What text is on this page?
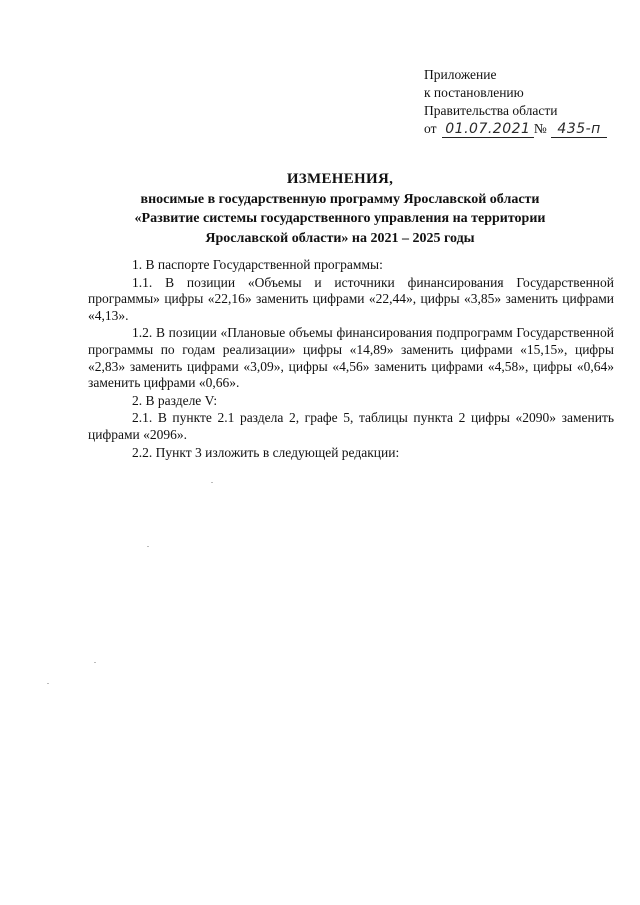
Приложение
к постановлению
Правительства области
от 01.07.2021 № 435-п
ИЗМЕНЕНИЯ,
вносимые в государственную программу Ярославской области
«Развитие системы государственного управления на территории
Ярославской области» на 2021 – 2025 годы

1. В паспорте Государственной программы:

1.1. В позиции «Объемы и источники финансирования Государственной программы» цифры «22,16» заменить цифрами «22,44», цифры «3,85» заменить цифрами «4,13».

1.2. В позиции «Плановые объемы финансирования подпрограмм Государственной программы по годам реализации» цифры «14,89» заменить цифрами «15,15», цифры «2,83» заменить цифрами «3,09», цифры «4,56» заменить цифрами «4,58», цифры «0,64» заменить цифрами «0,66».

2. В разделе V:

2.1. В пункте 2.1 раздела 2, графе 5, таблицы пункта 2 цифры «2090» заменить цифрами «2096».

2.2. Пункт 3 изложить в следующей редакции:
